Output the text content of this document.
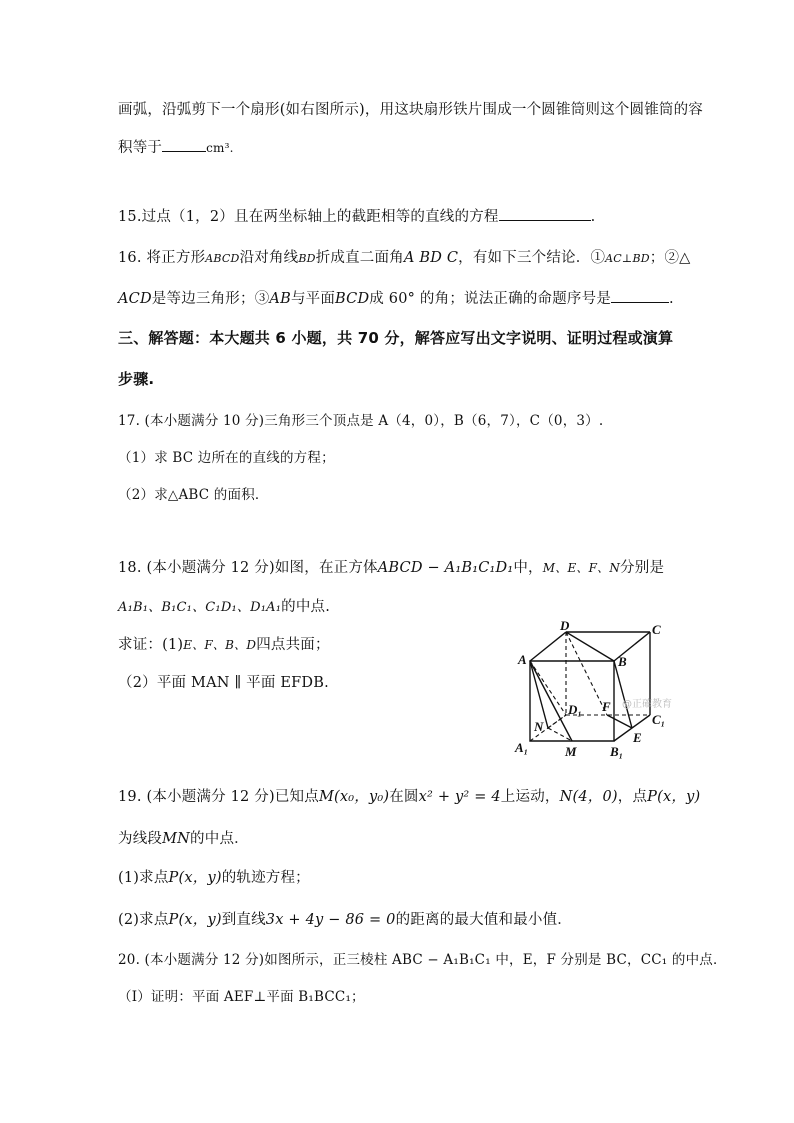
画弧，沿弧剪下一个扇形(如右图所示)，用这块扇形铁片围成一个圆锥筒则这个圆锥筒的容
积等于	cm³.
15.过点（1，2）且在两坐标轴上的截距相等的直线的方程	.
16. 将正方形ABCD沿对角线BD折成直二面角A BD C，有如下三个结论．①AC⊥BD；②△
ACD是等边三角形；③AB与平面BCD成 60° 的角；说法正确的命题序号是	.
三、解答题：本大题共 6 小题，共 70 分，解答应写出文字说明、证明过程或演算
步骤.
17. (本小题满分 10 分)三角形三个顶点是 A（4，0），B（6，7），C（0，3）.
（1）求 BC 边所在的直线的方程；
（2）求△ABC 的面积．
18. (本小题满分 12 分)如图，在正方体ABCD − A₁B₁C₁D₁中，M、E、F、N分别是
A₁B₁、B₁C₁、C₁D₁、D₁A₁的中点.
求证：(1)E、F、B、D四点共面；
（2）平面 MAN ∥ 平面 EFDB.
D	C
A	B
D₁ F
C₁
N
E
A₁	M	B₁
@正確教育
19. (本小题满分 12 分)已知点M(x₀，y₀)在圆x² + y² = 4上运动，N(4，0)，点P(x，y)
为线段MN的中点．
(1)求点P(x，y)的轨迹方程；
(2)求点P(x，y)到直线3x + 4y − 86 = 0的距离的最大值和最小值．
20. (本小题满分 12 分)如图所示，正三棱柱 ABC − A₁B₁C₁ 中，E，F 分别是 BC，CC₁ 的中点．
（Ⅰ）证明：平面 AEF⊥平面 B₁BCC₁；
